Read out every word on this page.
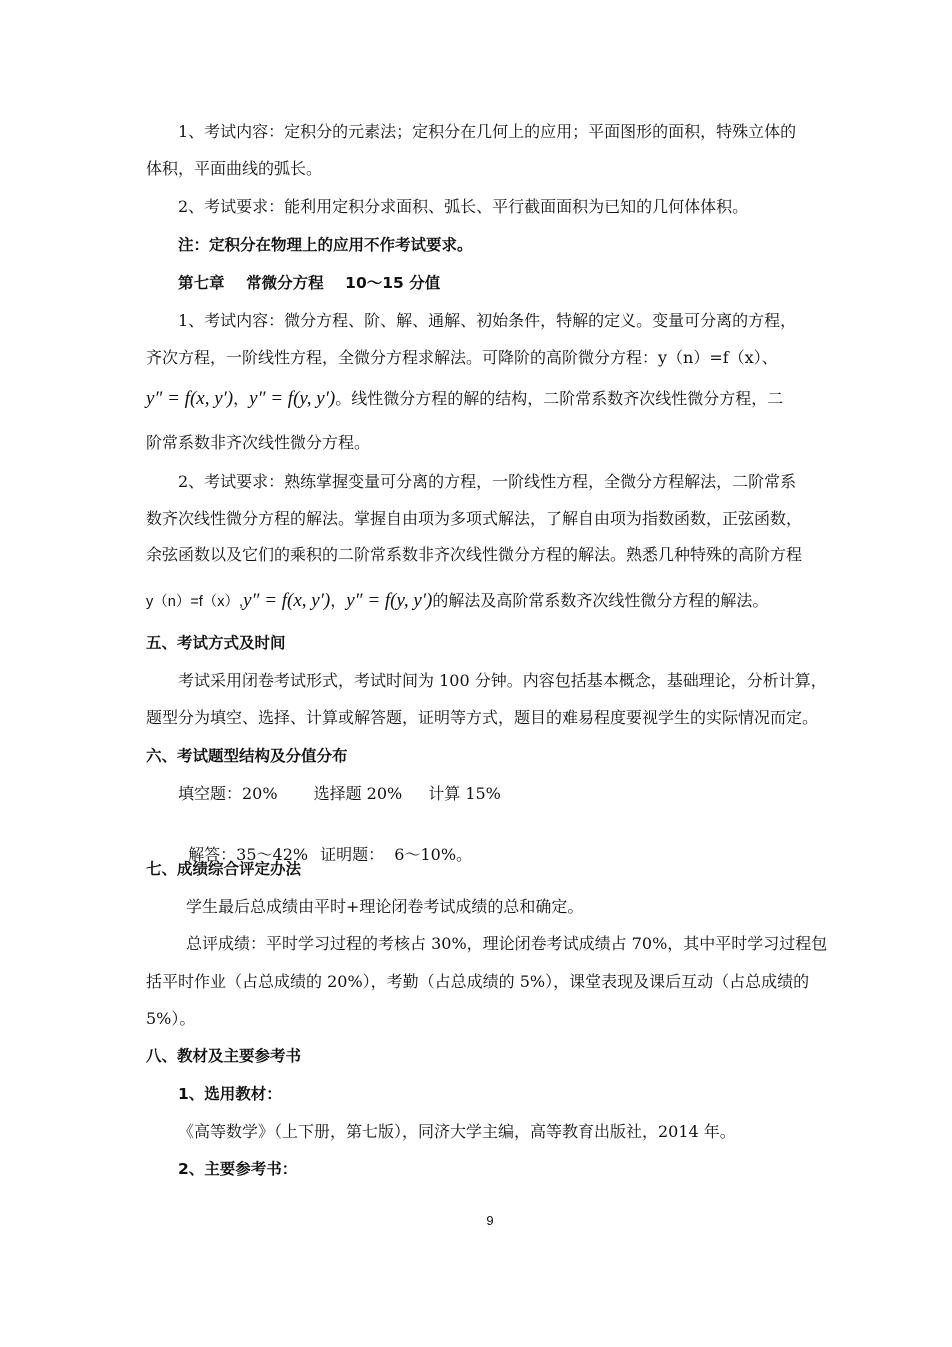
1、考试内容：定积分的元素法；定积分在几何上的应用；平面图形的面积，特殊立体的
体积，平面曲线的弧长。
2、考试要求：能利用定积分求面积、弧长、平行截面面积为已知的几何体体积。
注：定积分在物理上的应用不作考试要求。
第七章    常微分方程    10～15 分值
1、考试内容：微分方程、阶、解、通解、初始条件，特解的定义。变量可分离的方程，
齐次方程，一阶线性方程，全微分方程求解法。可降阶的高阶微分方程：y（n）=f（x）、
y″ = f(x, y′)，y″ = f(y, y′)。线性微分方程的解的结构，二阶常系数齐次线性微分方程，二
阶常系数非齐次线性微分方程。
2、考试要求：熟练掌握变量可分离的方程，一阶线性方程，全微分方程解法，二阶常系
数齐次线性微分方程的解法。掌握自由项为多项式解法，了解自由项为指数函数，正弦函数，
余弦函数以及它们的乘积的二阶常系数非齐次线性微分方程的解法。熟悉几种特殊的高阶方程
y（n）=f（x）,y″ = f(x, y′)，y″ = f(y, y′)的解法及高阶常系数齐次线性微分方程的解法。
五、考试方式及时间
考试采用闭卷考试形式，考试时间为 100 分钟。内容包括基本概念，基础理论，分析计算，
题型分为填空、选择、计算或解答题，证明等方式，题目的难易程度要视学生的实际情况而定。
六、考试题型结构及分值分布
填空题：20% 选择题 20% 计算 15%

解答：35～42% 证明题：  6～10%。

七、成绩综合评定办法
学生最后总成绩由平时+理论闭卷考试成绩的总和确定。
总评成绩：平时学习过程的考核占 30%，理论闭卷考试成绩占 70%，其中平时学习过程包
括平时作业（占总成绩的 20%），考勤（占总成绩的 5%），课堂表现及课后互动（占总成绩的
5%）。
八、教材及主要参考书
1、选用教材：
《高等数学》（上下册，第七版），同济大学主编，高等教育出版社，2014 年。
2、主要参考书：
9
